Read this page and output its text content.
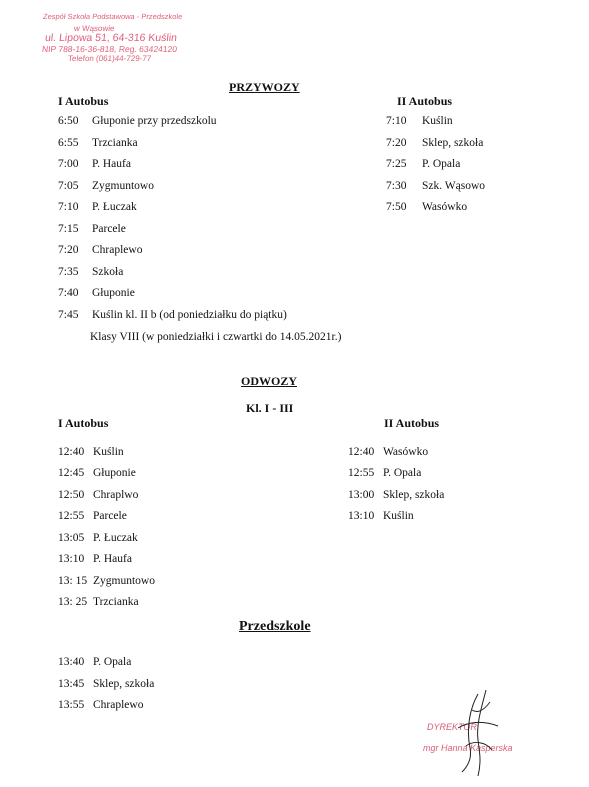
Zespół Szkoła Podstawowa - Przedszkole
w Wąsowie
ul. Lipowa 51, 64-316 Kuślin
NIP 788-16-36-818, Reg. 63424120
Telefon (061)44-729-77
PRZYWOZY
I Autobus	II Autobus
6:50 Głuponie przy przedszkolu
6:55 Trzcianka
7:00 P. Haufa
7:05 Zygmuntowo
7:10 P. Łuczak
7:15 Parcele
7:20 Chraplewo
7:35 Szkoła
7:40 Głuponie
7:45 Kuślin kl. II b (od poniedziałku do piątku)
Klasy VIII (w poniedziałki i czwartki do 14.05.2021r.)
7:10 Kuślin
7:20 Sklep, szkoła
7:25 P. Opala
7:30 Szk. Wąsowo
7:50 Wasówko
ODWOZY
Kl. I - III
I Autobus	II Autobus
12:40 Kuślin
12:45 Głuponie
12:50 Chraplwo
12:55 Parcele
13:05 P. Łuczak
13:10 P. Haufa
13: 15 Zygmuntowo
13: 25 Trzcianka
12:40 Wasówko
12:55 P. Opala
13:00 Sklep, szkoła
13:10 Kuślin
Przedszkole
13:40 P. Opala
13:45 Sklep, szkoła
13:55 Chraplewo
DYREKTOR
mgr Hanna Kasperska
